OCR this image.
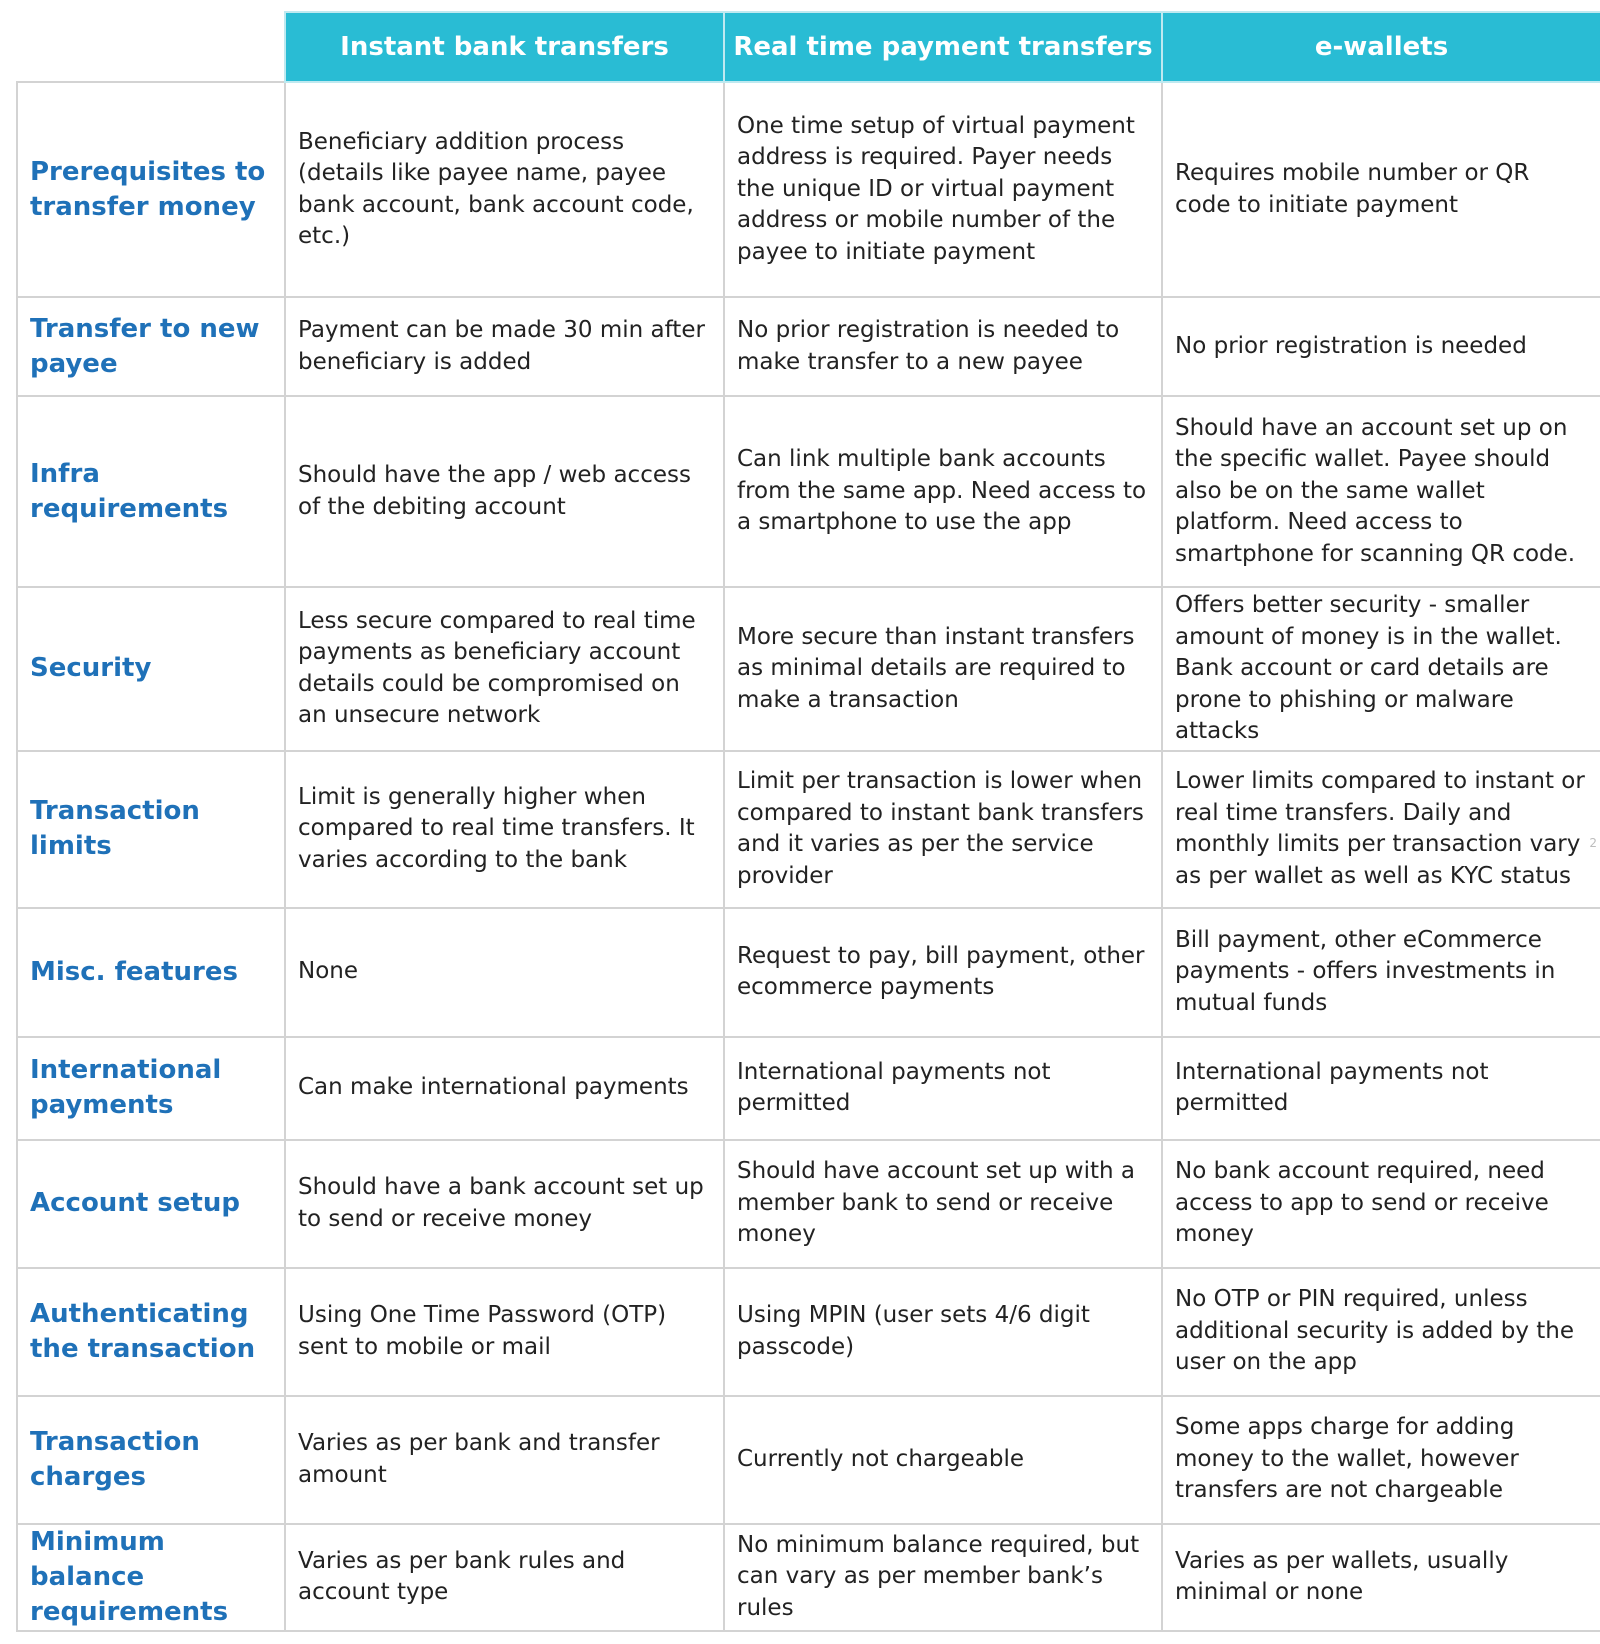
	Instant bank transfers	Real time payment transfers	e-wallets
Prerequisites to transfer money	Beneficiary addition process (details like payee name, payee bank account, bank account code, etc.)	One time setup of virtual payment address is required. Payer needs the unique ID or virtual payment address or mobile number of the payee to initiate payment	Requires mobile number or QR code to initiate payment
Transfer to new payee	Payment can be made 30 min after beneficiary is added	No prior registration is needed to make transfer to a new payee	No prior registration is needed
Infra requirements	Should have the app / web access of the debiting account	Can link multiple bank accounts from the same app. Need access to a smartphone to use the app	Should have an account set up on the specific wallet. Payee should also be on the same wallet platform. Need access to smartphone for scanning QR code.
Security	Less secure compared to real time payments as beneficiary account details could be compromised on an unsecure network	More secure than instant transfers as minimal details are required to make a transaction	Offers better security - smaller amount of money is in the wallet. Bank account or card details are prone to phishing or malware attacks
Transaction limits	Limit is generally higher when compared to real time transfers. It varies according to the bank	Limit per transaction is lower when compared to instant bank transfers and it varies as per the service provider	Lower limits compared to instant or real time transfers. Daily and monthly limits per transaction vary as per wallet as well as KYC status
Misc. features	None	Request to pay, bill payment, other ecommerce payments	Bill payment, other eCommerce payments - offers investments in mutual funds
International payments	Can make international payments	International payments not permitted	International payments not permitted
Account setup	Should have a bank account set up to send or receive money	Should have account set up with a member bank to send or receive money	No bank account required, need access to app to send or receive money
Authenticating the transaction	Using One Time Password (OTP) sent to mobile or mail	Using MPIN (user sets 4/6 digit passcode)	No OTP or PIN required, unless additional security is added by the user on the app
Transaction charges	Varies as per bank and transfer amount	Currently not chargeable	Some apps charge for adding money to the wallet, however transfers are not chargeable
Minimum balance requirements	Varies as per bank rules and account type	No minimum balance required, but can vary as per member bank’s rules	Varies as per wallets, usually minimal or none
2
